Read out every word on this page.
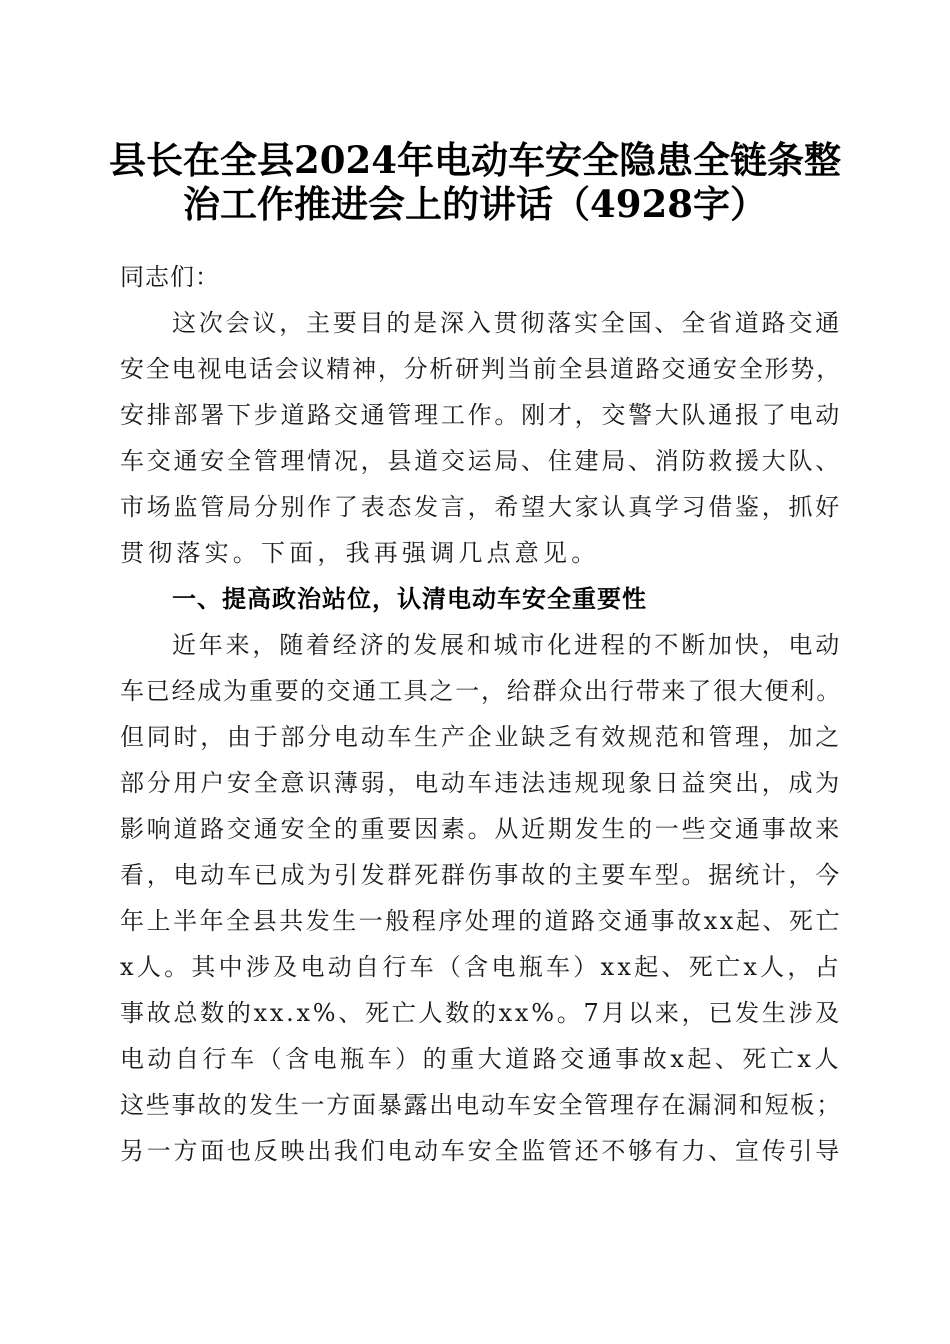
县长在全县2024年电动车安全隐患全链条整
治工作推进会上的讲话（4928字）
同志们：
这次会议，主要目的是深入贯彻落实全国、全省道路交通
安全电视电话会议精神，分析研判当前全县道路交通安全形势，
安排部署下步道路交通管理工作。刚才，交警大队通报了电动
车交通安全管理情况，县道交运局、住建局、消防救援大队、
市场监管局分别作了表态发言，希望大家认真学习借鉴，抓好
贯彻落实。下面，我再强调几点意见。
一、提高政治站位，认清电动车安全重要性
近年来，随着经济的发展和城市化进程的不断加快，电动
车已经成为重要的交通工具之一，给群众出行带来了很大便利。
但同时，由于部分电动车生产企业缺乏有效规范和管理，加之
部分用户安全意识薄弱，电动车违法违规现象日益突出，成为
影响道路交通安全的重要因素。从近期发生的一些交通事故来
看，电动车已成为引发群死群伤事故的主要车型。据统计，今
年上半年全县共发生一般程序处理的道路交通事故xx起、死亡
x人。其中涉及电动自行车（含电瓶车）xx起、死亡x人，占
事故总数的xx.x%、死亡人数的xx%。7月以来，已发生涉及
电动自行车（含电瓶车）的重大道路交通事故x起、死亡x人
这些事故的发生一方面暴露出电动车安全管理存在漏洞和短板；
另一方面也反映出我们电动车安全监管还不够有力、宣传引导
